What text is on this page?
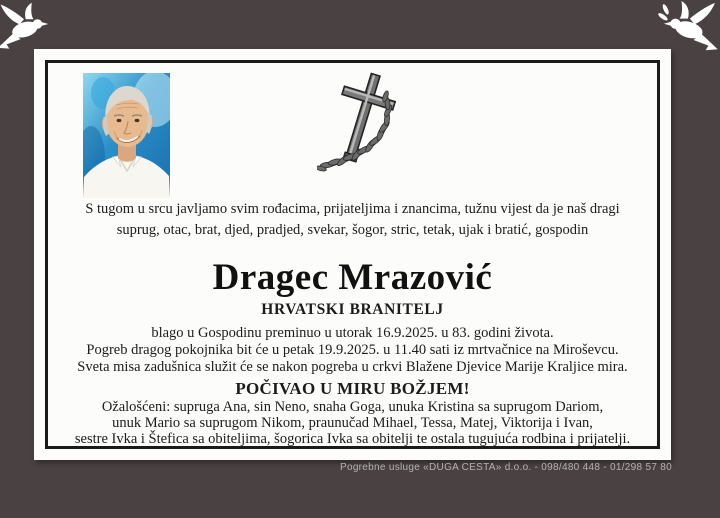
S tugom u srcu javljamo svim rođacima, prijateljima i znancima, tužnu vijest da je naš dragi
suprug, otac, brat, djed, pradjed, svekar, šogor, stric, tetak, ujak i bratić, gospodin
Dragec Mrazović
HRVATSKI BRANITELJ
blago u Gospodinu preminuo u utorak 16.9.2025. u 83. godini života.
Pogreb dragog pokojnika bit će u petak 19.9.2025. u 11.40 sati iz mrtvačnice na Miroševcu.
Sveta misa zadušnica služit će se nakon pogreba u crkvi Blažene Djevice Marije Kraljice mira.
POČIVAO U MIRU BOŽJEM!
Ožalošćeni: supruga Ana, sin Neno, snaha Goga, unuka Kristina sa suprugom Dariom,
unuk Mario sa suprugom Nikom, praunučad Mihael, Tessa, Matej, Viktorija i Ivan,
sestre Ivka i Štefica sa obiteljima, šogorica Ivka sa obitelji te ostala tugujuća rodbina i prijatelji.
Pogrebne usluge «DUGA CESTA» d.o.o. - 098/480 448 - 01/298 57 80
